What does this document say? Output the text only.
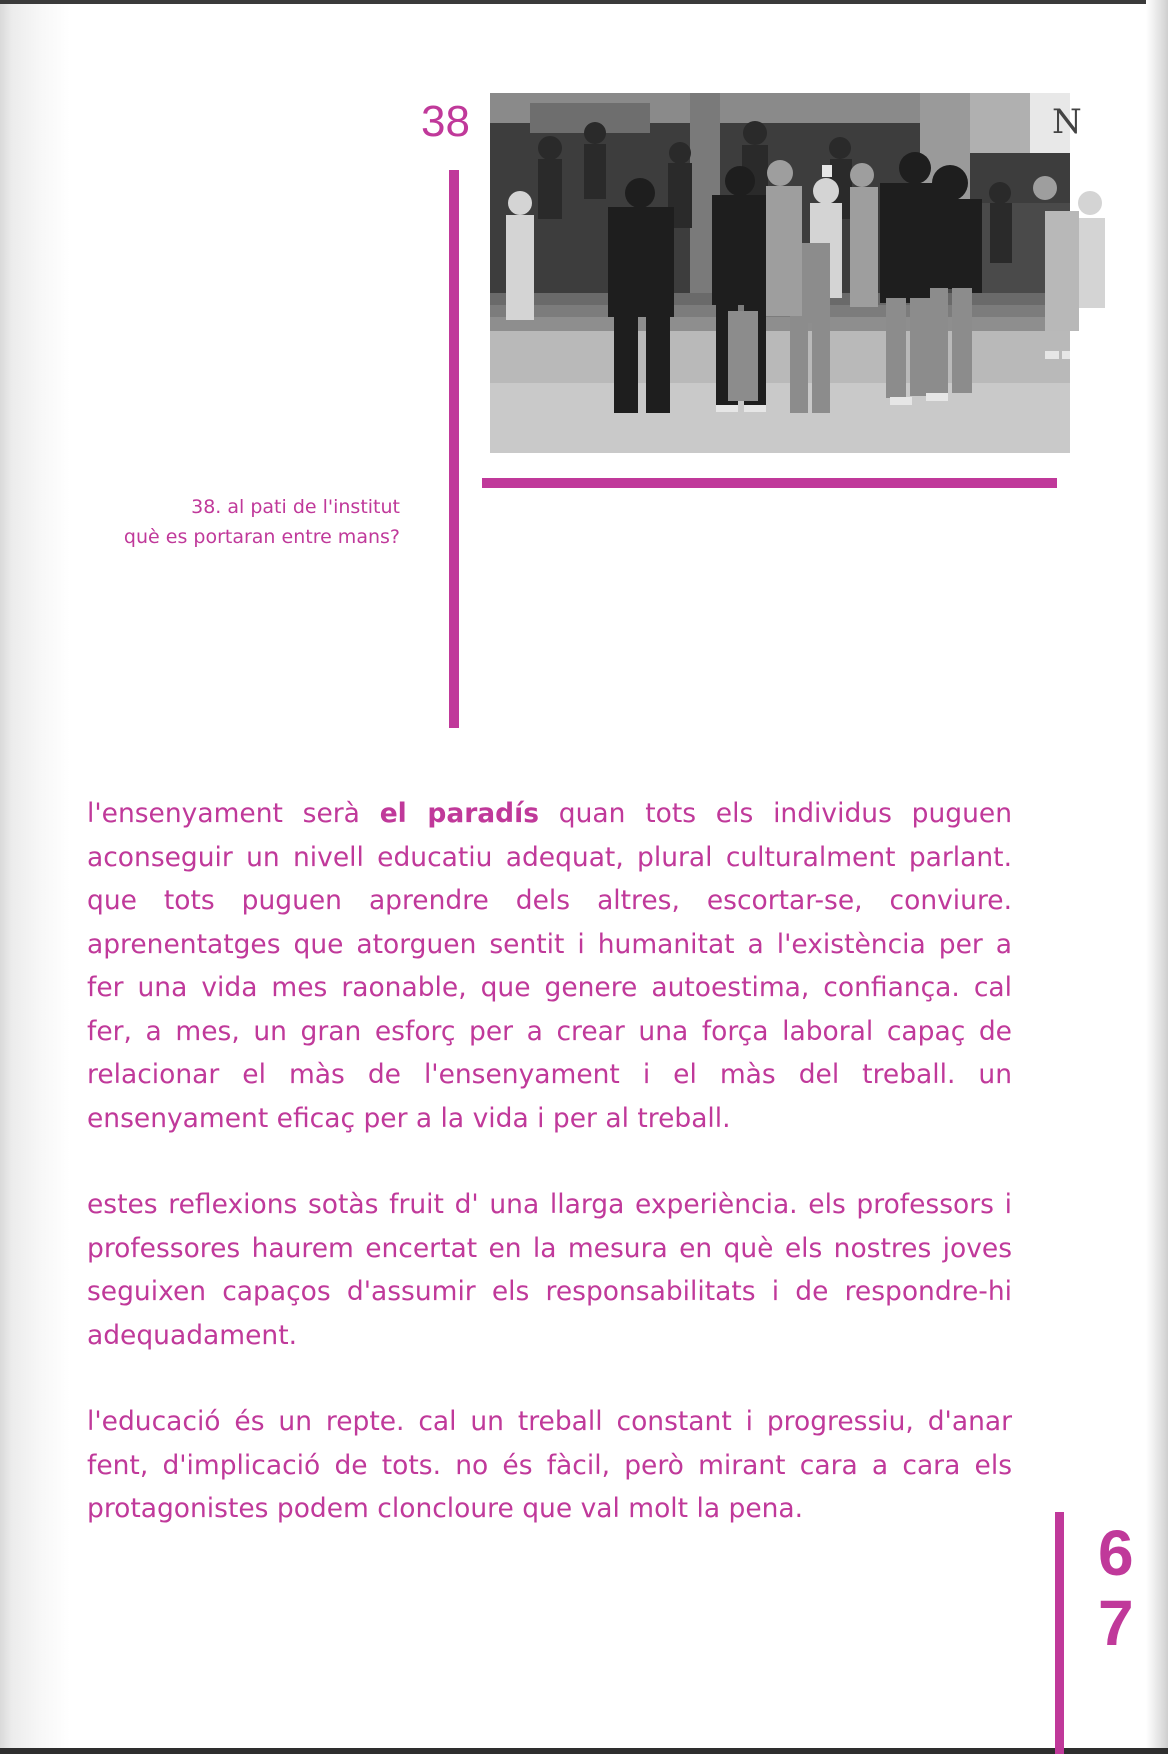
38	N
38. al pati de l'institut
què es portaran entre mans?

l'ensenyament serà el paradís quan tots els individus puguen aconseguir un nivell educatiu adequat, plural culturalment parlant. que tots puguen aprendre dels altres, escortar-se, conviure. aprenentatges que atorguen sentit i humanitat a l'existència per a fer una vida mes raonable, que genere autoestima, confiança. cal fer, a mes, un gran esforç per a crear una força laboral capaç de relacionar el màs de l'ensenyament i el màs del treball. un ensenyament eficaç per a la vida i per al treball.

estes reflexions sotàs fruit d' una llarga experiència. els professors i professores haurem encertat en la mesura en què els nostres joves seguixen capaços d'assumir els responsabilitats i de respondre-hi adequadament.

l'educació és un repte. cal un treball constant i progressiu, d'anar fent, d'implicació de tots. no és fàcil, però mirant cara a cara els protagonistes podem cloncloure que val molt la pena.

6
7
